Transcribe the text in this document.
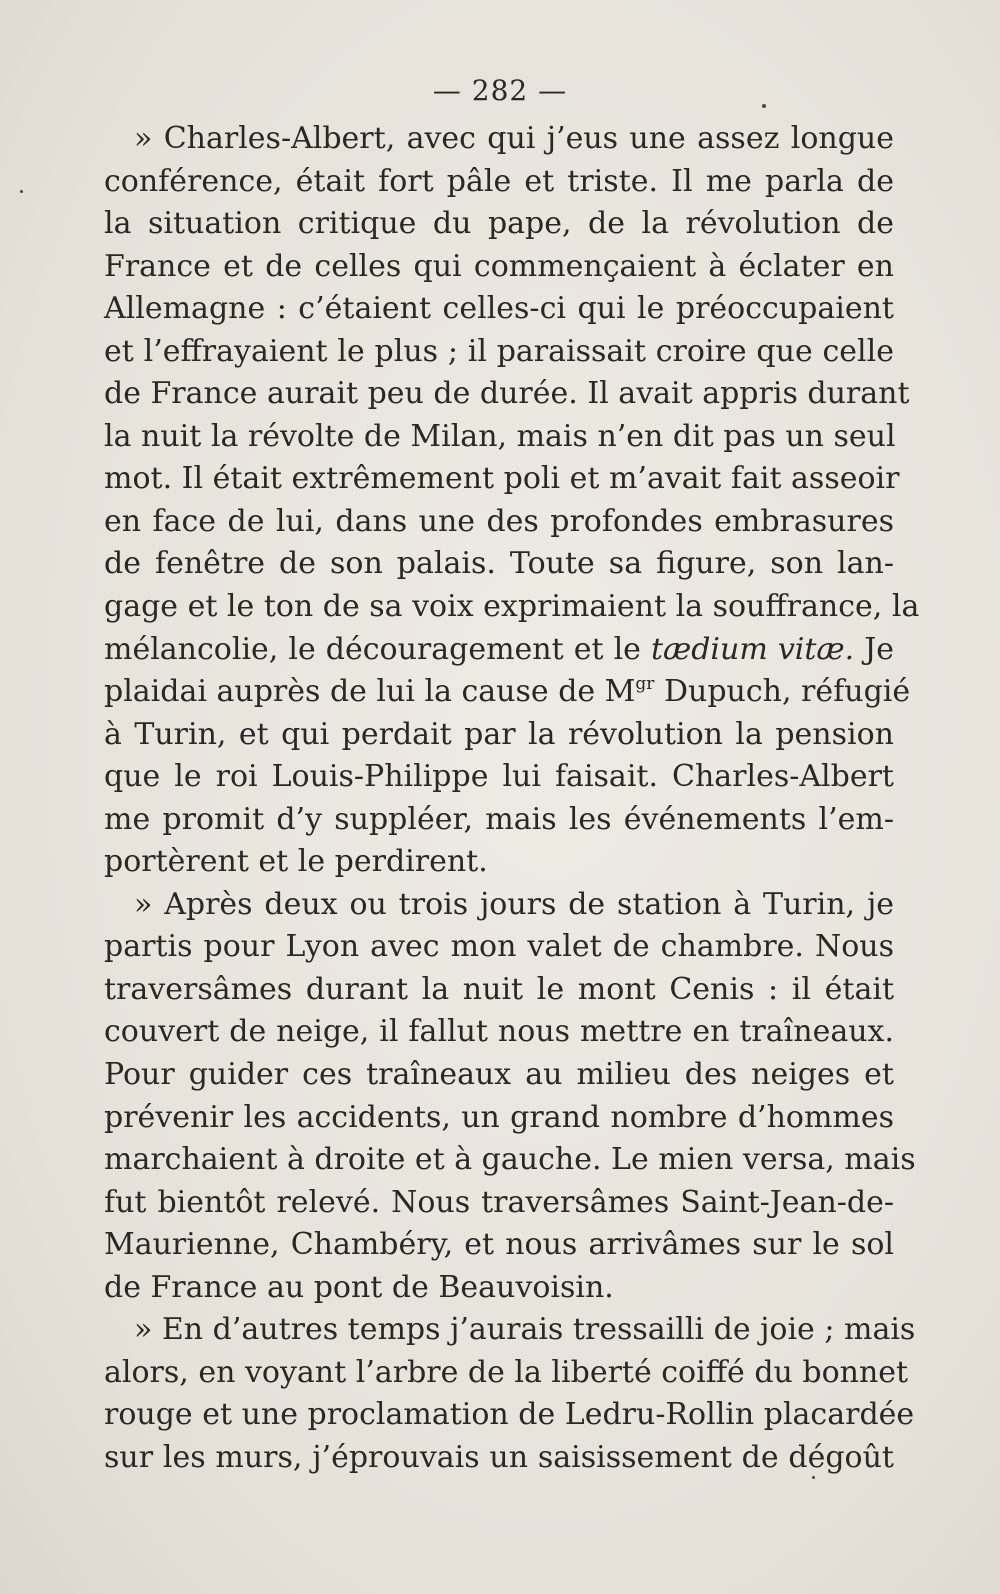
— 282 —
» Charles-Albert, avec qui j’eus une assez longue
conférence, était fort pâle et triste. Il me parla de
la situation critique du pape, de la révolution de
France et de celles qui commençaient à éclater en
Allemagne : c’étaient celles-ci qui le préoccupaient
et l’effrayaient le plus ; il paraissait croire que celle
de France aurait peu de durée. Il avait appris durant
la nuit la révolte de Milan, mais n’en dit pas un seul
mot. Il était extrêmement poli et m’avait fait asseoir
en face de lui, dans une des profondes embrasures
de fenêtre de son palais. Toute sa figure, son lan-
gage et le ton de sa voix exprimaient la souffrance, la
mélancolie, le découragement et le tædium vitæ. Je
plaidai auprès de lui la cause de $M^{gr}$ Dupuch, réfugié
à Turin, et qui perdait par la révolution la pension
que le roi Louis-Philippe lui faisait. Charles-Albert
me promit d’y suppléer, mais les événements l’em-
portèrent et le perdirent.
» Après deux ou trois jours de station à Turin, je
partis pour Lyon avec mon valet de chambre. Nous
traversâmes durant la nuit le mont Cenis : il était
couvert de neige, il fallut nous mettre en traîneaux.
Pour guider ces traîneaux au milieu des neiges et
prévenir les accidents, un grand nombre d’hommes
marchaient à droite et à gauche. Le mien versa, mais
fut bientôt relevé. Nous traversâmes Saint-Jean-de-
Maurienne, Chambéry, et nous arrivâmes sur le sol
de France au pont de Beauvoisin.
» En d’autres temps j’aurais tressailli de joie ; mais
alors, en voyant l’arbre de la liberté coiffé du bonnet
rouge et une proclamation de Ledru-Rollin placardée
sur les murs, j’éprouvais un saisissement de dégoût
